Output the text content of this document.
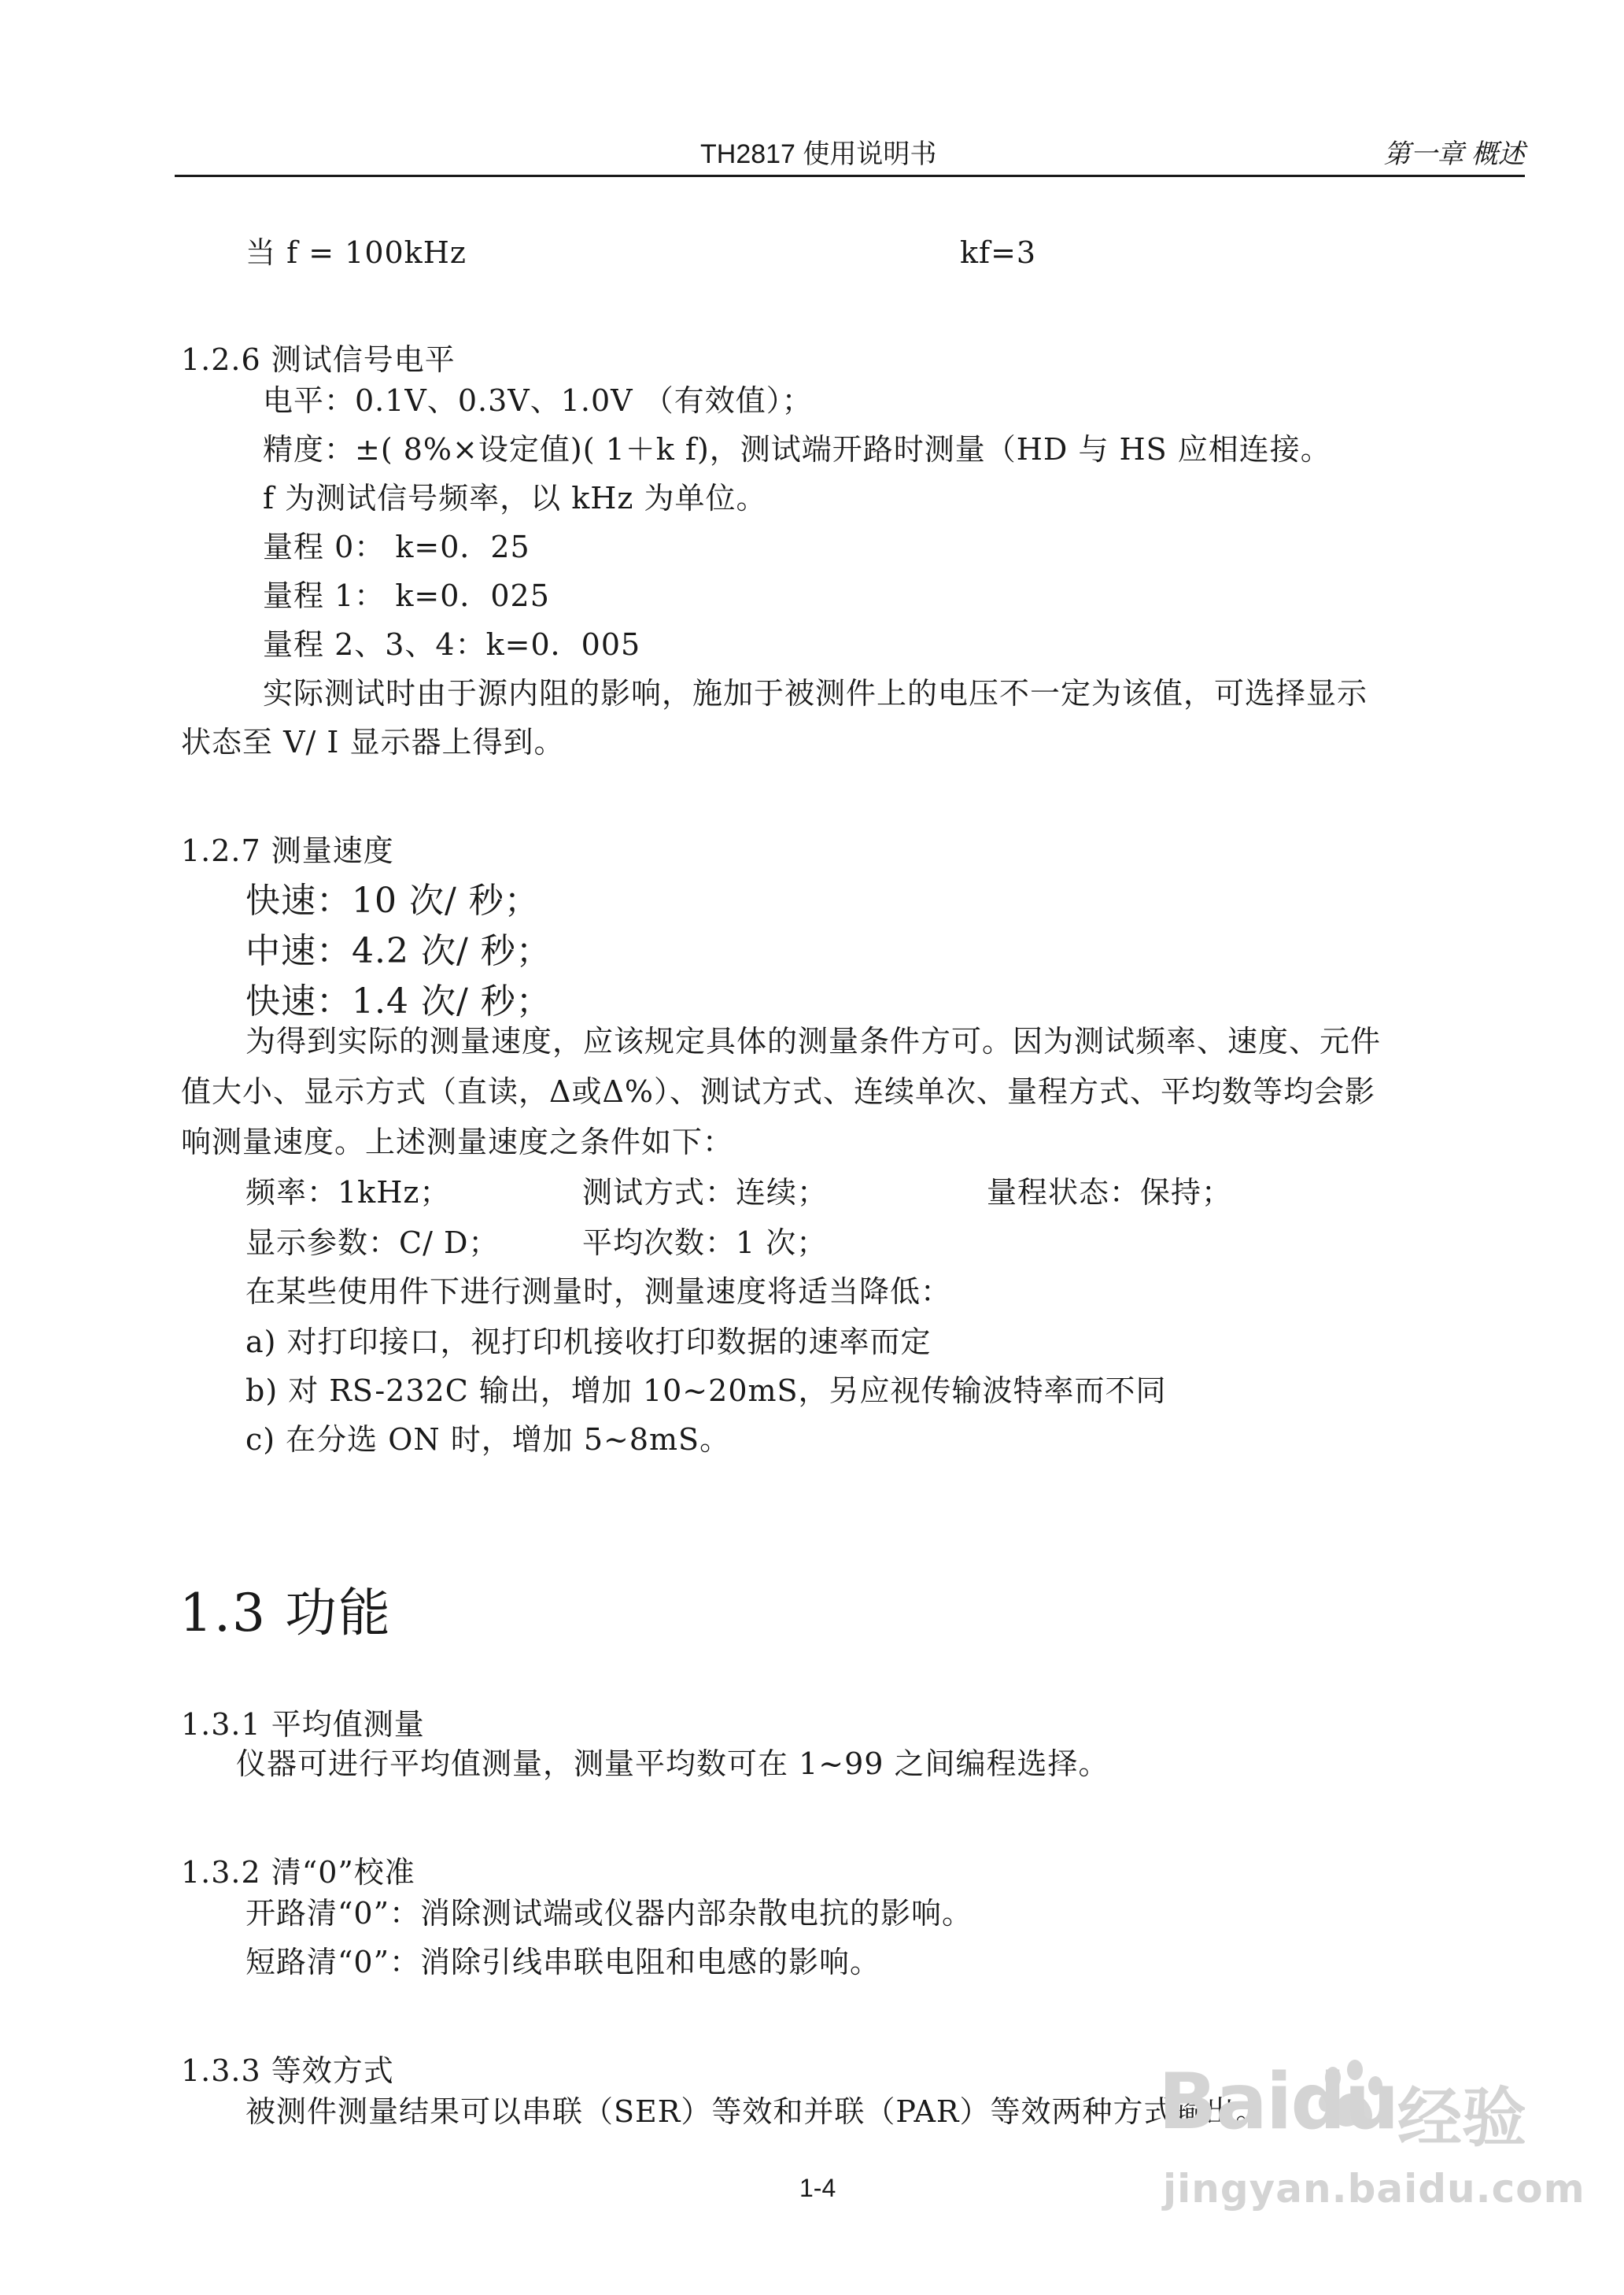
TH2817 使用说明书	第一章 概述
当 f = 100kHz	kf=3
1.2.6 测试信号电平
电平：0.1V、0.3V、1.0V （有效值）；
精度：±( 8%×设定值)( 1＋k f)，测试端开路时测量（HD 与 HS 应相连接。
f 为测试信号频率，以 kHz 为单位。
量程 0： k=0．25
量程 1： k=0．025
量程 2、3、4：k=0．005
实际测试时由于源内阻的影响，施加于被测件上的电压不一定为该值，可选择显示
状态至 V/ I 显示器上得到。
1.2.7 测量速度
快速：10 次/ 秒；
中速：4.2 次/ 秒；
快速：1.4 次/ 秒；
为得到实际的测量速度，应该规定具体的测量条件方可。因为测试频率、速度、元件
值大小、显示方式（直读，Δ或Δ%）、测试方式、连续单次、量程方式、平均数等均会影
响测量速度。上述测量速度之条件如下：
频率：1kHz；	测试方式：连续；	量程状态：保持；
显示参数：C/ D；	平均次数：1 次；
在某些使用件下进行测量时，测量速度将适当降低：
a) 对打印接口，视打印机接收打印数据的速率而定
b) 对 RS-232C 输出，增加 10~20mS，另应视传输波特率而不同
c) 在分选 ON 时，增加 5~8mS。
1.3 功能
1.3.1 平均值测量
仪器可进行平均值测量，测量平均数可在 1~99 之间编程选择。
1.3.2 清“0”校准
开路清“0”：消除测试端或仪器内部杂散电抗的影响。
短路清“0”：消除引线串联电阻和电感的影响。
1.3.3 等效方式
被测件测量结果可以串联（SER）等效和并联（PAR）等效两种方式输出。
1-4
Baidu 经验
jingyan.baidu.com
